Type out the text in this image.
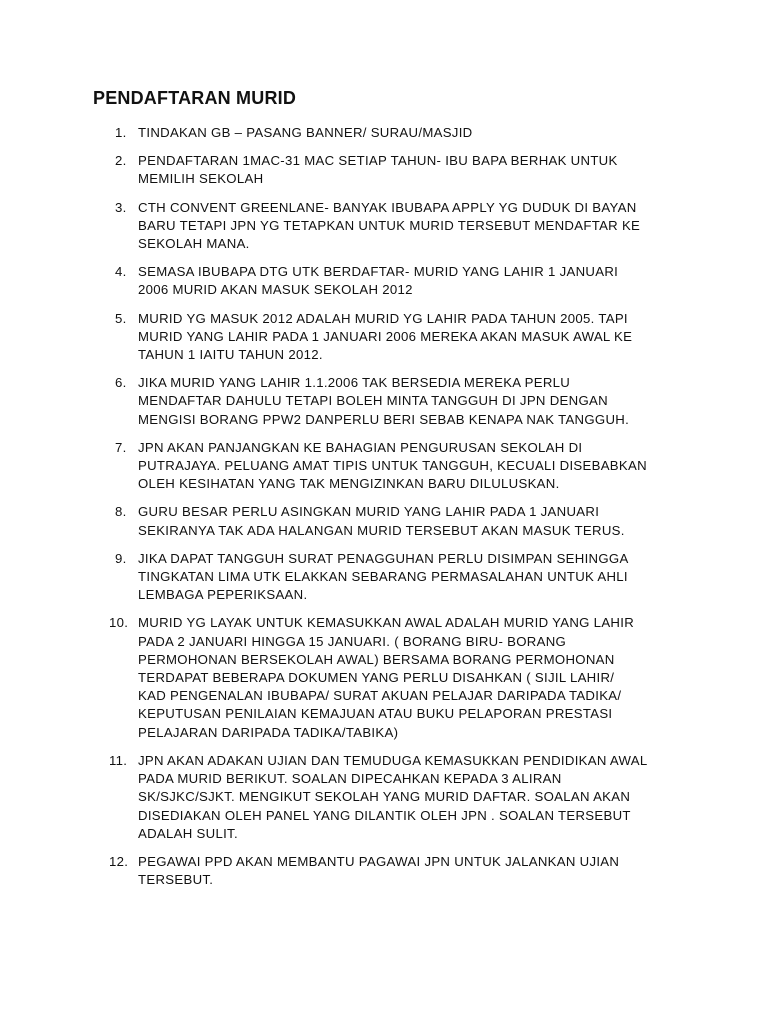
PENDAFTARAN MURID
1. TINDAKAN GB – PASANG BANNER/ SURAU/MASJID
2. PENDAFTARAN 1MAC-31 MAC SETIAP TAHUN- IBU BAPA BERHAK UNTUK
MEMILIH SEKOLAH
3. CTH CONVENT GREENLANE- BANYAK IBUBAPA APPLY YG DUDUK DI BAYAN
BARU TETAPI JPN YG TETAPKAN UNTUK MURID TERSEBUT MENDAFTAR KE
SEKOLAH MANA.
4. SEMASA IBUBAPA DTG UTK BERDAFTAR- MURID YANG LAHIR 1 JANUARI
2006 MURID AKAN MASUK SEKOLAH 2012
5. MURID YG MASUK 2012 ADALAH MURID YG LAHIR PADA TAHUN 2005. TAPI
MURID YANG LAHIR PADA 1 JANUARI 2006 MEREKA AKAN MASUK AWAL KE
TAHUN 1 IAITU TAHUN 2012.
6. JIKA MURID YANG LAHIR 1.1.2006 TAK BERSEDIA MEREKA PERLU
MENDAFTAR DAHULU TETAPI BOLEH MINTA TANGGUH DI JPN DENGAN
MENGISI BORANG PPW2 DANPERLU BERI SEBAB KENAPA NAK TANGGUH.
7. JPN AKAN PANJANGKAN KE BAHAGIAN PENGURUSAN SEKOLAH DI
PUTRAJAYA. PELUANG AMAT TIPIS UNTUK TANGGUH, KECUALI DISEBABKAN
OLEH KESIHATAN YANG TAK MENGIZINKAN BARU DILULUSKAN.
8. GURU BESAR PERLU ASINGKAN MURID YANG LAHIR PADA 1 JANUARI
SEKIRANYA TAK ADA HALANGAN MURID TERSEBUT AKAN MASUK TERUS.
9. JIKA DAPAT TANGGUH SURAT PENAGGUHAN PERLU DISIMPAN SEHINGGA
TINGKATAN LIMA UTK ELAKKAN SEBARANG PERMASALAHAN UNTUK AHLI
LEMBAGA PEPERIKSAAN.
10. MURID YG LAYAK UNTUK KEMASUKKAN AWAL ADALAH MURID YANG LAHIR
PADA 2 JANUARI HINGGA 15 JANUARI. ( BORANG BIRU- BORANG
PERMOHONAN BERSEKOLAH AWAL) BERSAMA BORANG PERMOHONAN
TERDAPAT BEBERAPA DOKUMEN YANG PERLU DISAHKAN ( SIJIL LAHIR/
KAD PENGENALAN IBUBAPA/ SURAT AKUAN PELAJAR DARIPADA TADIKA/
KEPUTUSAN PENILAIAN KEMAJUAN ATAU BUKU PELAPORAN PRESTASI
PELAJARAN DARIPADA TADIKA/TABIKA)
11. JPN AKAN ADAKAN UJIAN DAN TEMUDUGA KEMASUKKAN PENDIDIKAN AWAL
PADA MURID BERIKUT. SOALAN DIPECAHKAN KEPADA 3 ALIRAN
SK/SJKC/SJKT. MENGIKUT SEKOLAH YANG MURID DAFTAR. SOALAN AKAN
DISEDIAKAN OLEH PANEL YANG DILANTIK OLEH JPN . SOALAN TERSEBUT
ADALAH SULIT.
12. PEGAWAI PPD AKAN MEMBANTU PAGAWAI JPN UNTUK JALANKAN UJIAN
TERSEBUT.
